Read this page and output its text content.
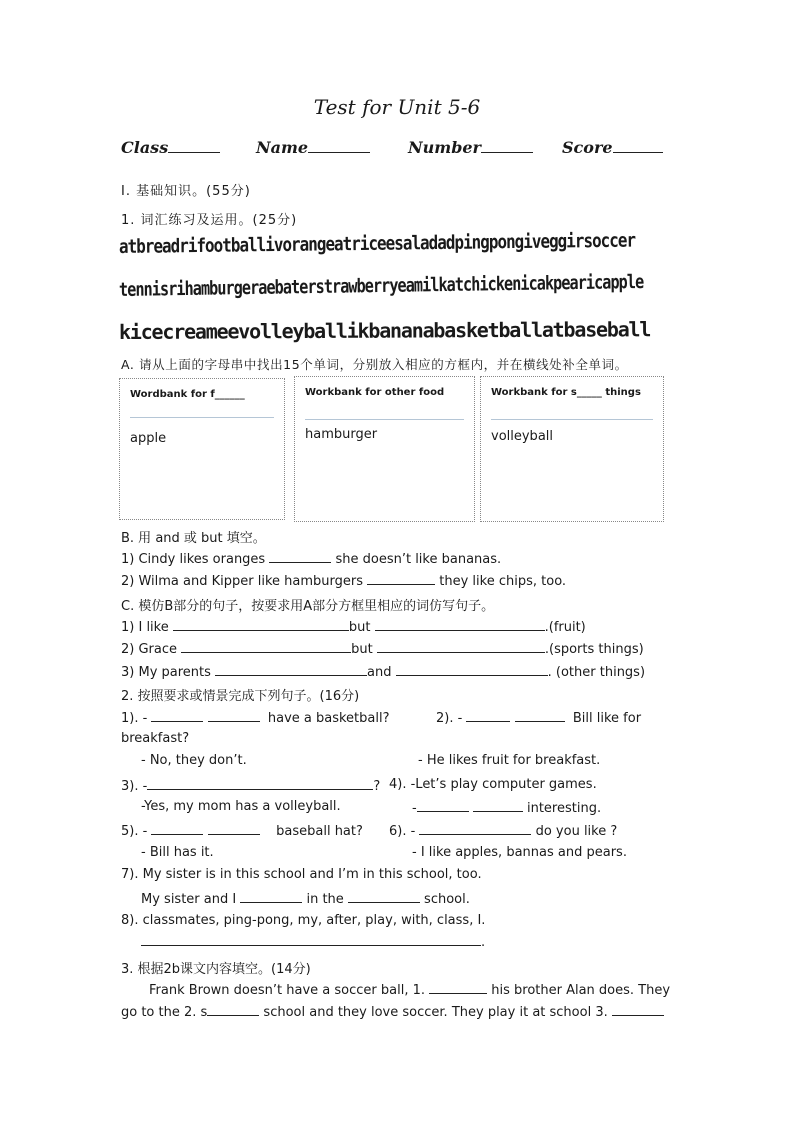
Test for Unit 5-6
Class	Name	Number	Score
Ⅰ. 基础知识。(55分)
1. 词汇练习及运用。(25分)
atbreadrifootballivorangeatriceesaladadpingpongiveggirsoccer
tennisrihamburgeraebaterstrawberryeamilkatchickenicakpearicapple
kicecreameevolleyballikbananabasketballatbaseball
A. 请从上面的字母串中找出15个单词，分别放入相应的方框内，并在横线处补全单词。
Wordbank for f______
apple
Workbank for other food
hamburger
Workbank for s_____ things
volleyball
B. 用 and 或 but 填空。
1) Cindy likes oranges	she doesn’t like bananas.
2) Wilma and Kipper like hamburgers	they like chips, too.
C. 模仿B部分的句子，按要求用A部分方框里相应的词仿写句子。
1) I like	but	.(fruit)
2) Grace	but	.(sports things)
3) My parents	and	. (other things)
2. 按照要求或情景完成下列句子。(16分)
1). -	have a basketball?	2). -	Bill like for
breakfast?
- No, they don’t.	- He likes fruit for breakfast.
3). -	? 4). -Let’s play computer games.
-Yes, my mom has a volleyball.	-	interesting.
5). -	baseball hat? 6). -	do you like ?
- Bill has it.	- I like apples, bannas and pears.
7). My sister is in this school and I’m in this school, too.
My sister and I	in the	school.
8). classmates, ping-pong, my, after, play, with, class, I.
.
3. 根据2b课文内容填空。(14分)
Frank Brown doesn’t have a soccer ball, 1.	his brother Alan does. They
go to the 2. s	school and they love soccer. They play it at school 3.
